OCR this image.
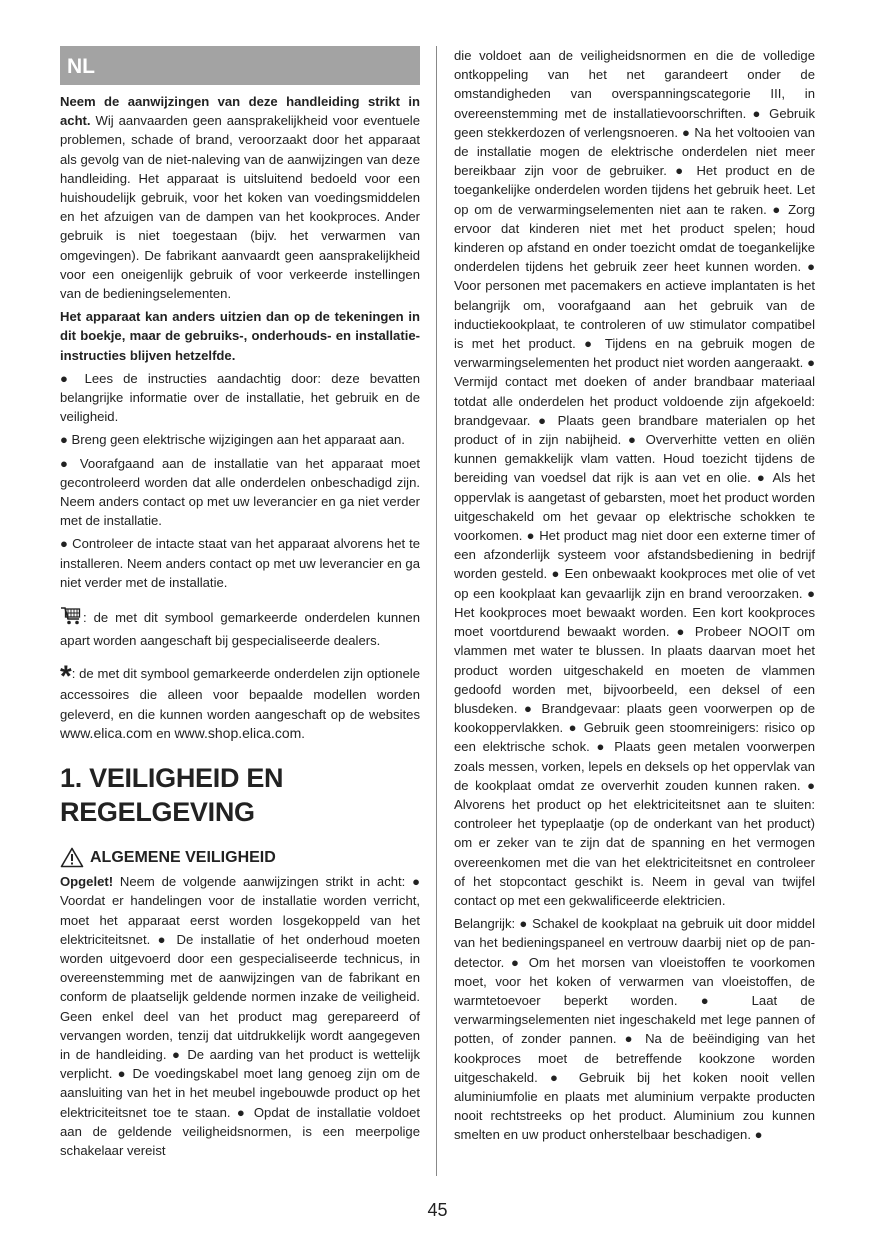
NL

Neem de aanwijzingen van deze handleiding strikt in acht. Wij aanvaarden geen aansprakelijkheid voor eventuele problemen, schade of brand, veroorzaakt door het apparaat als gevolg van de niet-naleving van de aanwijzingen van deze handleiding. Het apparaat is uitsluitend bedoeld voor een huishoudelijk gebruik, voor het koken van voedingsmiddelen en het afzuigen van de dampen van het kookproces. Ander gebruik is niet toegestaan (bijv. het verwarmen van omgevingen). De fabrikant aanvaardt geen aansprakelijkheid voor een oneigenlijk gebruik of voor verkeerde instellingen van de bedieningselementen.

Het apparaat kan anders uitzien dan op de tekeningen in dit boekje, maar de gebruiks-, onderhouds- en installatie-instructies blijven hetzelfde.

● Lees de instructies aandachtig door: deze bevatten belangrijke informatie over de installatie, het gebruik en de veiligheid.

● Breng geen elektrische wijzigingen aan het apparaat aan.

● Voorafgaand aan de installatie van het apparaat moet gecontroleerd worden dat alle onderdelen onbeschadigd zijn. Neem anders contact op met uw leverancier en ga niet verder met de installatie.

● Controleer de intacte staat van het apparaat alvorens het te installeren. Neem anders contact op met uw leverancier en ga niet verder met de installatie.

: de met dit symbool gemarkeerde onderdelen kunnen apart worden aangeschaft bij gespecialiseerde dealers.

*: de met dit symbool gemarkeerde onderdelen zijn optionele accessoires die alleen voor bepaalde modellen worden geleverd, en die kunnen worden aangeschaft op de websites www.elica.com en www.shop.elica.com.

1. VEILIGHEID EN
REGELGEVING
ALGEMENE VEILIGHEID

Opgelet! Neem de volgende aanwijzingen strikt in acht: ● Voordat er handelingen voor de installatie worden verricht, moet het apparaat eerst worden losgekoppeld van het elektriciteitsnet. ● De installatie of het onderhoud moeten worden uitgevoerd door een gespecialiseerde technicus, in overeenstemming met de aanwijzingen van de fabrikant en conform de plaatselijk geldende normen inzake de veiligheid. Geen enkel deel van het product mag gerepareerd of vervangen worden, tenzij dat uitdrukkelijk wordt aangegeven in de handleiding. ● De aarding van het product is wettelijk verplicht. ● De voedingskabel moet lang genoeg zijn om de aansluiting van het in het meubel ingebouwde product op het elektriciteitsnet toe te staan. ● Opdat de installatie voldoet aan de geldende veiligheidsnormen, is een meerpolige schakelaar vereist

die voldoet aan de veiligheidsnormen en die de volledige ontkoppeling van het net garandeert onder de omstandigheden van overspanningscategorie III, in overeenstemming met de installatievoorschriften. ● Gebruik geen stekkerdozen of verlengsnoeren. ● Na het voltooien van de installatie mogen de elektrische onderdelen niet meer bereikbaar zijn voor de gebruiker. ● Het product en de toegankelijke onderdelen worden tijdens het gebruik heet. Let op om de verwarmingselementen niet aan te raken. ● Zorg ervoor dat kinderen niet met het product spelen; houd kinderen op afstand en onder toezicht omdat de toegankelijke onderdelen tijdens het gebruik zeer heet kunnen worden. ● Voor personen met pacemakers en actieve implantaten is het belangrijk om, voorafgaand aan het gebruik van de inductiekookplaat, te controleren of uw stimulator compatibel is met het product. ● Tijdens en na gebruik mogen de verwarmingselementen het product niet worden aangeraakt. ● Vermijd contact met doeken of ander brandbaar materiaal totdat alle onderdelen het product voldoende zijn afgekoeld: brandgevaar. ● Plaats geen brandbare materialen op het product of in zijn nabijheid. ● Oververhitte vetten en oliën kunnen gemakkelijk vlam vatten. Houd toezicht tijdens de bereiding van voedsel dat rijk is aan vet en olie. ● Als het oppervlak is aangetast of gebarsten, moet het product worden uitgeschakeld om het gevaar op elektrische schokken te voorkomen. ● Het product mag niet door een externe timer of een afzonderlijk systeem voor afstandsbediening in bedrijf worden gesteld. ● Een onbewaakt kookproces met olie of vet op een kookplaat kan gevaarlijk zijn en brand veroorzaken. ● Het kookproces moet bewaakt worden. Een kort kookproces moet voortdurend bewaakt worden. ● Probeer NOOIT om vlammen met water te blussen. In plaats daarvan moet het product worden uitgeschakeld en moeten de vlammen gedoofd worden met, bijvoorbeeld, een deksel of een blusdeken. ● Brandgevaar: plaats geen voorwerpen op de kookoppervlakken. ● Gebruik geen stoomreinigers: risico op een elektrische schok. ● Plaats geen metalen voorwerpen zoals messen, vorken, lepels en deksels op het oppervlak van de kookplaat omdat ze oververhit zouden kunnen raken. ● Alvorens het product op het elektriciteitsnet aan te sluiten: controleer het typeplaatje (op de onderkant van het product) om er zeker van te zijn dat de spanning en het vermogen overeenkomen met die van het elektriciteitsnet en controleer of het stopcontact geschikt is. Neem in geval van twijfel contact op met een gekwalificeerde elektricien.

Belangrijk: ● Schakel de kookplaat na gebruik uit door middel van het bedieningspaneel en vertrouw daarbij niet op de pan-detector. ● Om het morsen van vloeistoffen te voorkomen moet, voor het koken of verwarmen van vloeistoffen, de warmtetoevoer beperkt worden. ● Laat de verwarmingselementen niet ingeschakeld met lege pannen of potten, of zonder pannen. ● Na de beëindiging van het kookproces moet de betreffende kookzone worden uitgeschakeld. ● Gebruik bij het koken nooit vellen aluminiumfolie en plaats met aluminium verpakte producten nooit rechtstreeks op het product. Aluminium zou kunnen smelten en uw product onherstelbaar beschadigen. ●

45
